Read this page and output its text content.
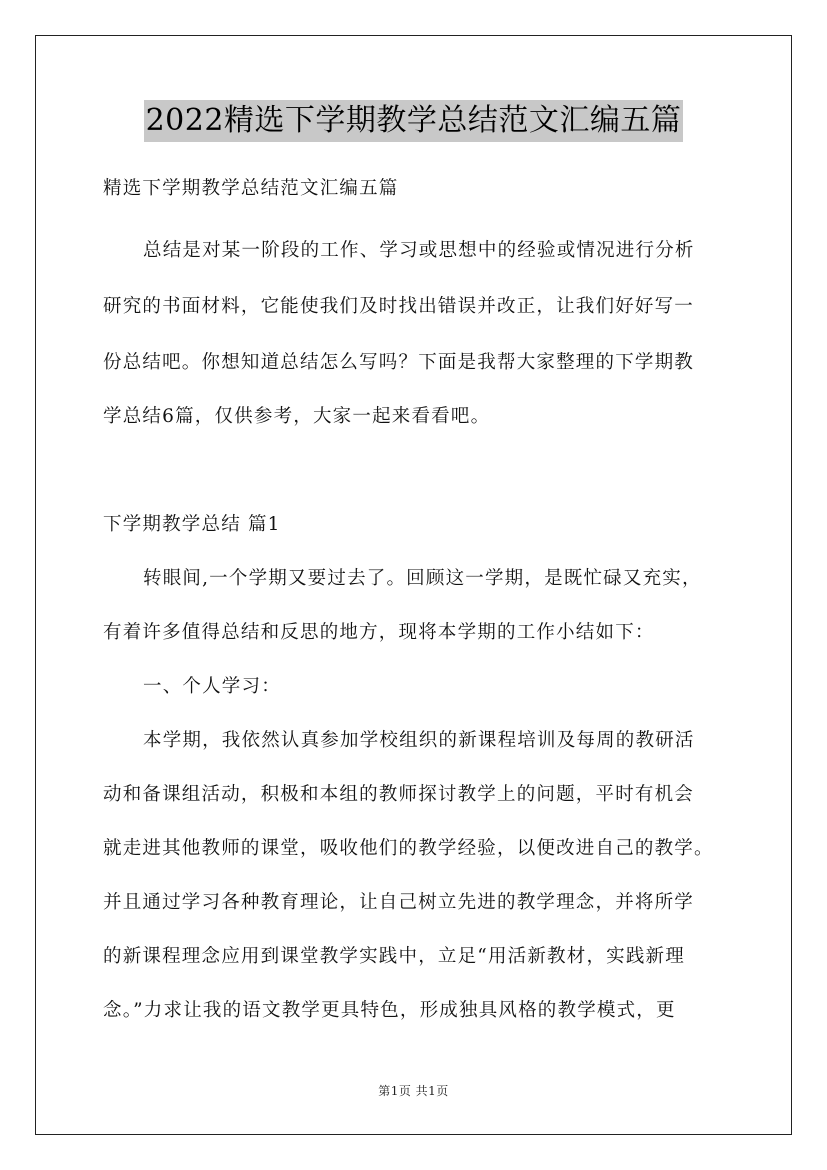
2022精选下学期教学总结范文汇编五篇
精选下学期教学总结范文汇编五篇
总结是对某一阶段的工作、学习或思想中的经验或情况进行分析
研究的书面材料，它能使我们及时找出错误并改正，让我们好好写一
份总结吧。你想知道总结怎么写吗？下面是我帮大家整理的下学期教
学总结6篇，仅供参考，大家一起来看看吧。
下学期教学总结 篇1
转眼间,一个学期又要过去了。回顾这一学期，是既忙碌又充实，
有着许多值得总结和反思的地方，现将本学期的工作小结如下：
一、个人学习：
本学期，我依然认真参加学校组织的新课程培训及每周的教研活
动和备课组活动，积极和本组的教师探讨教学上的问题，平时有机会
就走进其他教师的课堂，吸收他们的教学经验，以便改进自己的教学。
并且通过学习各种教育理论，让自己树立先进的教学理念，并将所学
的新课程理念应用到课堂教学实践中，立足“用活新教材，实践新理
念。”力求让我的语文教学更具特色，形成独具风格的教学模式，更
第1页 共1页
